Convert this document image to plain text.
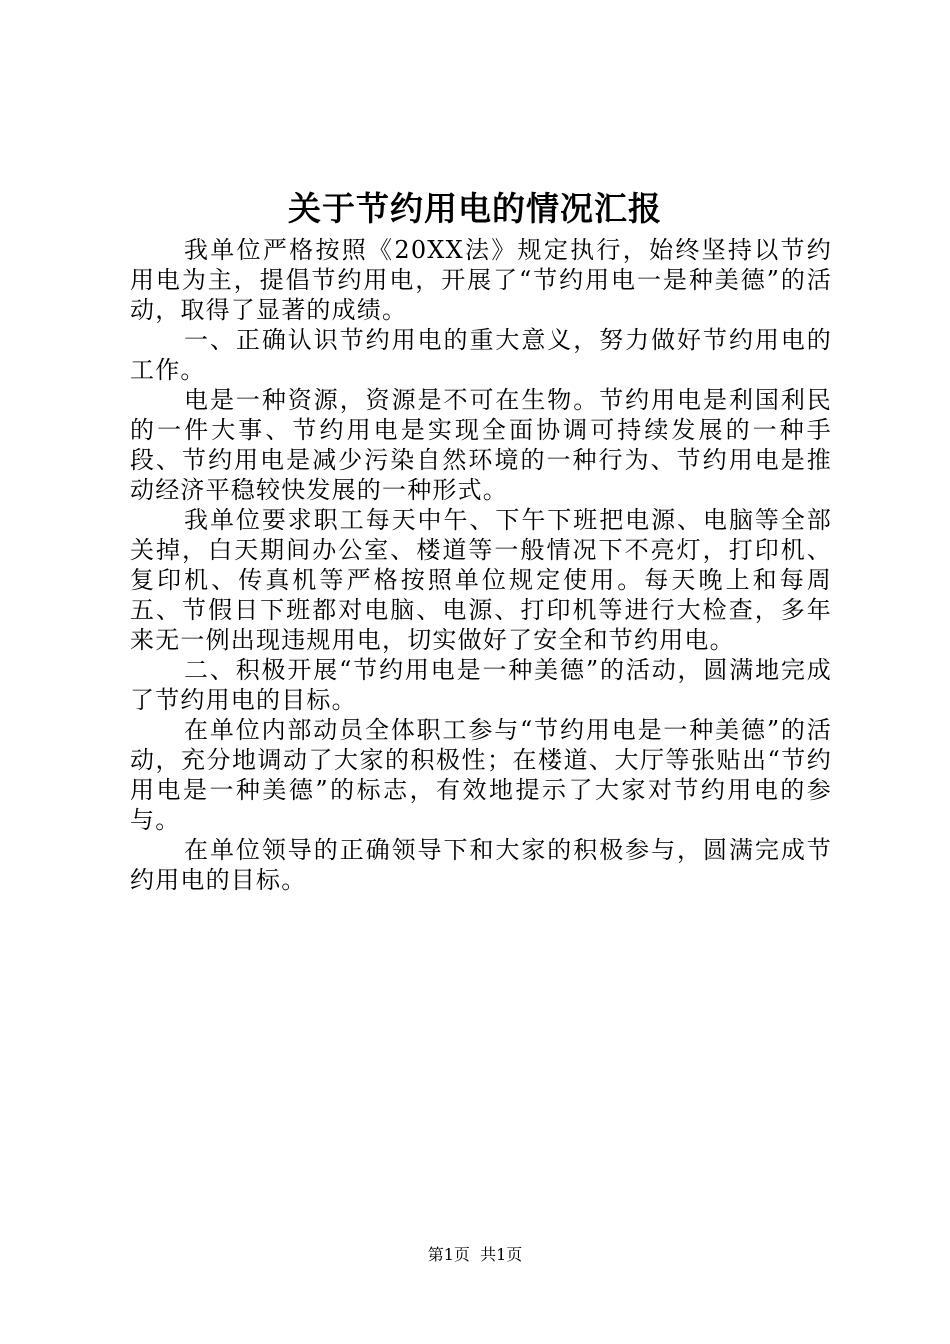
关于节约用电的情况汇报

我单位严格按照《20XX法》规定执行，始终坚持以节约用电为主，提倡节约用电，开展了“节约用电一是种美德”的活动，取得了显著的成绩。

一、正确认识节约用电的重大意义，努力做好节约用电的工作。

电是一种资源，资源是不可在生物。节约用电是利国利民的一件大事、节约用电是实现全面协调可持续发展的一种手段、节约用电是减少污染自然环境的一种行为、节约用电是推动经济平稳较快发展的一种形式。

我单位要求职工每天中午、下午下班把电源、电脑等全部关掉，白天期间办公室、楼道等一般情况下不亮灯，打印机、复印机、传真机等严格按照单位规定使用。每天晚上和每周五、节假日下班都对电脑、电源、打印机等进行大检查，多年来无一例出现违规用电，切实做好了安全和节约用电。

二、积极开展“节约用电是一种美德”的活动，圆满地完成了节约用电的目标。

在单位内部动员全体职工参与“节约用电是一种美德”的活动，充分地调动了大家的积极性；在楼道、大厅等张贴出“节约用电是一种美德”的标志，有效地提示了大家对节约用电的参与。

在单位领导的正确领导下和大家的积极参与，圆满完成节约用电的目标。

第1页 共1页
